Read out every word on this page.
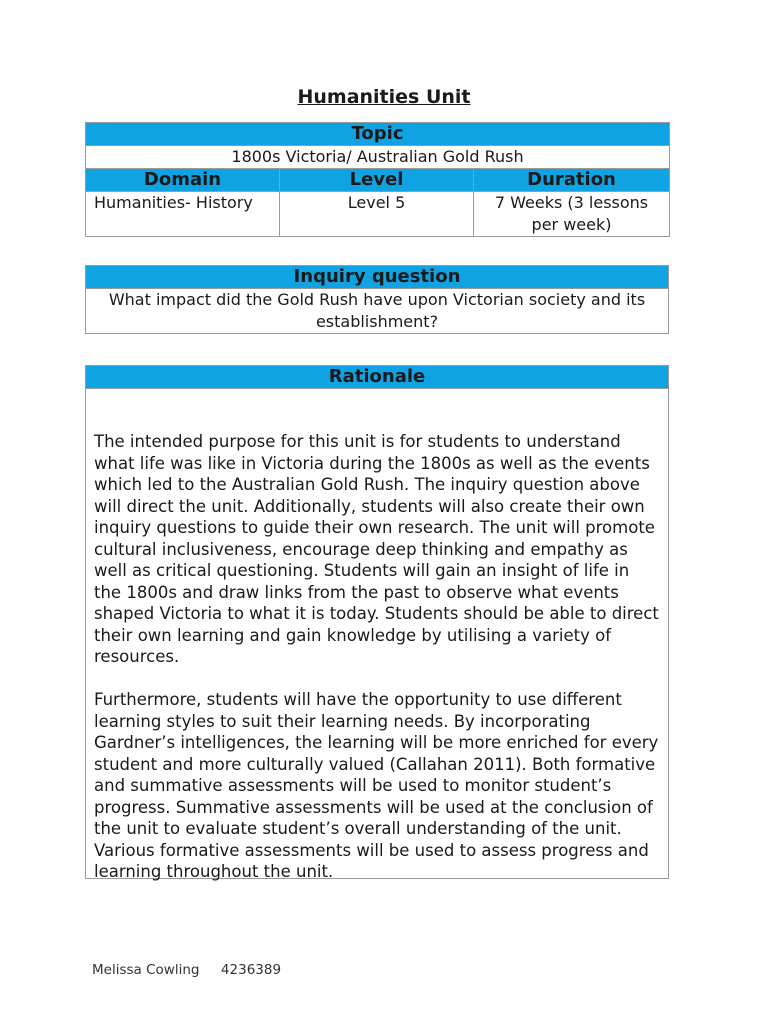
Humanities Unit
Topic		
1800s Victoria/ Australian Gold Rush		
Domain	Level	Duration
Humanities- History	Level 5	7 Weeks (3 lessons per week)
Inquiry question
What impact did the Gold Rush have upon Victorian society and its establishment?
Rationale

The intended purpose for this unit is for students to understand what life was like in Victoria during the 1800s as well as the events which led to the Australian Gold Rush. The inquiry question above will direct the unit. Additionally, students will also create their own inquiry questions to guide their own research. The unit will promote cultural inclusiveness, encourage deep thinking and empathy as well as critical questioning. Students will gain an insight of life in the 1800s and draw links from the past to observe what events shaped Victoria to what it is today. Students should be able to direct their own learning and gain knowledge by utilising a variety of resources.

Furthermore, students will have the opportunity to use different learning styles to suit their learning needs. By incorporating Gardner’s intelligences, the learning will be more enriched for every student and more culturally valued (Callahan 2011). Both formative and summative assessments will be used to monitor student’s progress. Summative assessments will be used at the conclusion of the unit to evaluate student’s overall understanding of the unit. Various formative assessments will be used to assess progress and learning throughout the unit.

Melissa Cowling 4236389
